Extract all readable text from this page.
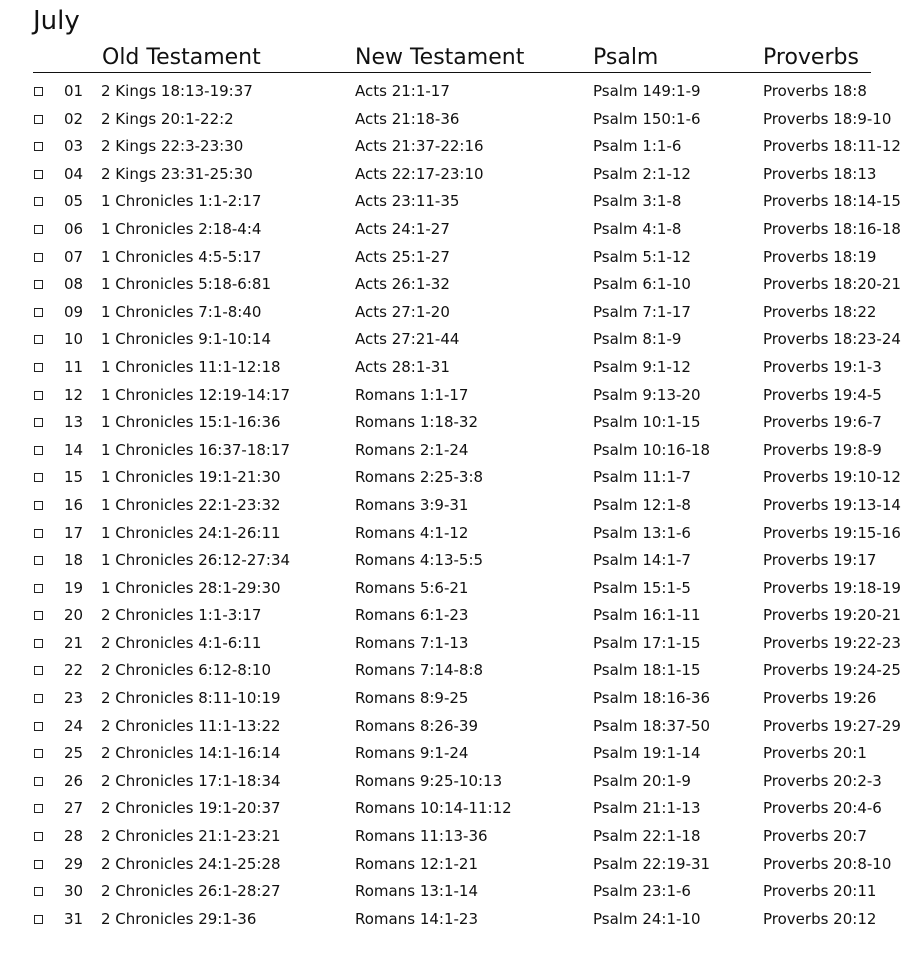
July
Old Testament	New Testament	Psalm	Proverbs
01 2 Kings 18:13-19:37	Acts 21:1-17	Psalm 149:1-9	Proverbs 18:8
02 2 Kings 20:1-22:2	Acts 21:18-36	Psalm 150:1-6	Proverbs 18:9-10
03 2 Kings 22:3-23:30	Acts 21:37-22:16	Psalm 1:1-6	Proverbs 18:11-12
04 2 Kings 23:31-25:30	Acts 22:17-23:10	Psalm 2:1-12	Proverbs 18:13
05 1 Chronicles 1:1-2:17	Acts 23:11-35	Psalm 3:1-8	Proverbs 18:14-15
06 1 Chronicles 2:18-4:4	Acts 24:1-27	Psalm 4:1-8	Proverbs 18:16-18
07 1 Chronicles 4:5-5:17	Acts 25:1-27	Psalm 5:1-12	Proverbs 18:19
08 1 Chronicles 5:18-6:81	Acts 26:1-32	Psalm 6:1-10	Proverbs 18:20-21
09 1 Chronicles 7:1-8:40	Acts 27:1-20	Psalm 7:1-17	Proverbs 18:22
10 1 Chronicles 9:1-10:14	Acts 27:21-44	Psalm 8:1-9	Proverbs 18:23-24
11 1 Chronicles 11:1-12:18	Acts 28:1-31	Psalm 9:1-12	Proverbs 19:1-3
12 1 Chronicles 12:19-14:17	Romans 1:1-17	Psalm 9:13-20	Proverbs 19:4-5
13 1 Chronicles 15:1-16:36	Romans 1:18-32	Psalm 10:1-15	Proverbs 19:6-7
14 1 Chronicles 16:37-18:17	Romans 2:1-24	Psalm 10:16-18	Proverbs 19:8-9
15 1 Chronicles 19:1-21:30	Romans 2:25-3:8	Psalm 11:1-7	Proverbs 19:10-12
16 1 Chronicles 22:1-23:32	Romans 3:9-31	Psalm 12:1-8	Proverbs 19:13-14
17 1 Chronicles 24:1-26:11	Romans 4:1-12	Psalm 13:1-6	Proverbs 19:15-16
18 1 Chronicles 26:12-27:34	Romans 4:13-5:5	Psalm 14:1-7	Proverbs 19:17
19 1 Chronicles 28:1-29:30	Romans 5:6-21	Psalm 15:1-5	Proverbs 19:18-19
20 2 Chronicles 1:1-3:17	Romans 6:1-23	Psalm 16:1-11	Proverbs 19:20-21
21 2 Chronicles 4:1-6:11	Romans 7:1-13	Psalm 17:1-15	Proverbs 19:22-23
22 2 Chronicles 6:12-8:10	Romans 7:14-8:8	Psalm 18:1-15	Proverbs 19:24-25
23 2 Chronicles 8:11-10:19	Romans 8:9-25	Psalm 18:16-36	Proverbs 19:26
24 2 Chronicles 11:1-13:22	Romans 8:26-39	Psalm 18:37-50	Proverbs 19:27-29
25 2 Chronicles 14:1-16:14	Romans 9:1-24	Psalm 19:1-14	Proverbs 20:1
26 2 Chronicles 17:1-18:34	Romans 9:25-10:13	Psalm 20:1-9	Proverbs 20:2-3
27 2 Chronicles 19:1-20:37	Romans 10:14-11:12	Psalm 21:1-13	Proverbs 20:4-6
28 2 Chronicles 21:1-23:21	Romans 11:13-36	Psalm 22:1-18	Proverbs 20:7
29 2 Chronicles 24:1-25:28	Romans 12:1-21	Psalm 22:19-31	Proverbs 20:8-10
30 2 Chronicles 26:1-28:27	Romans 13:1-14	Psalm 23:1-6	Proverbs 20:11
31 2 Chronicles 29:1-36	Romans 14:1-23	Psalm 24:1-10	Proverbs 20:12
